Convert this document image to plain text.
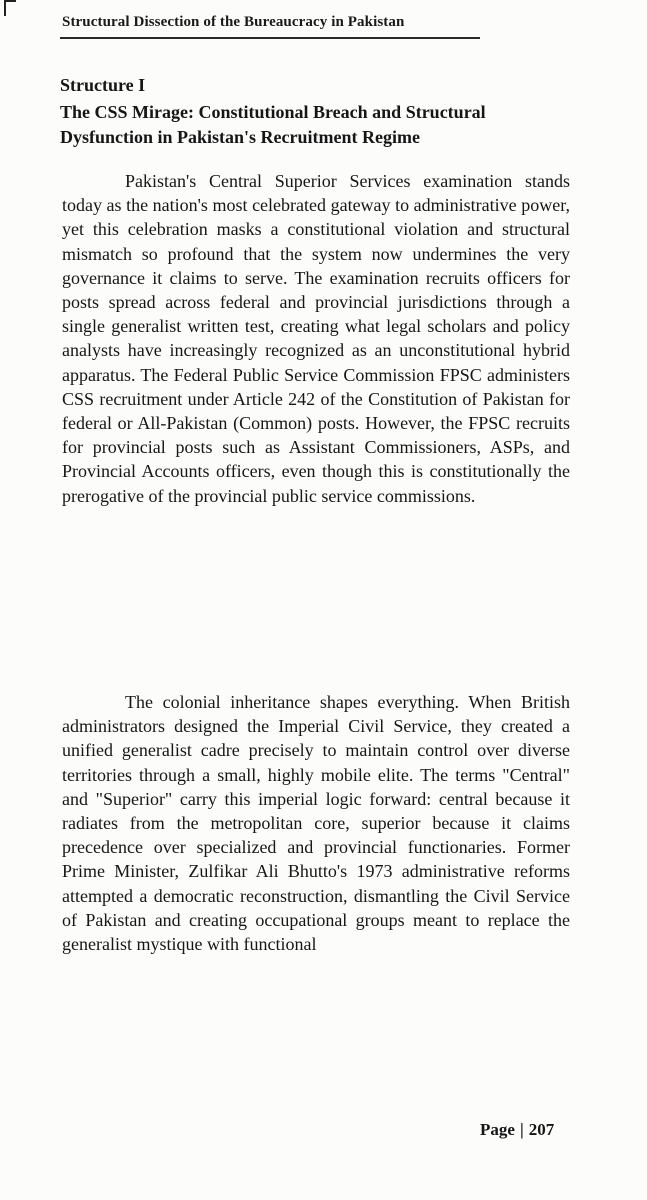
Structural Dissection of the Bureaucracy in Pakistan
Structure I
The CSS Mirage: Constitutional Breach and Structural Dysfunction in Pakistan's Recruitment Regime

Pakistan's Central Superior Services examination stands today as the nation's most celebrated gateway to administrative power, yet this celebration masks a constitutional violation and structural mismatch so profound that the system now undermines the very governance it claims to serve. The examination recruits officers for posts spread across federal and provincial jurisdictions through a single generalist written test, creating what legal scholars and policy analysts have increasingly recognized as an unconstitutional hybrid apparatus. The Federal Public Service Commission FPSC administers CSS recruitment under Article 242 of the Constitution of Pakistan for federal or All-Pakistan (Common) posts. However, the FPSC recruits for provincial posts such as Assistant Commissioners, ASPs, and Provincial Accounts officers, even though this is constitutionally the prerogative of the provincial public service commissions.

The colonial inheritance shapes everything. When British administrators designed the Imperial Civil Service, they created a unified generalist cadre precisely to maintain control over diverse territories through a small, highly mobile elite. The terms "Central" and "Superior" carry this imperial logic forward: central because it radiates from the metropolitan core, superior because it claims precedence over specialized and provincial functionaries. Former Prime Minister, Zulfikar Ali Bhutto's 1973 administrative reforms attempted a democratic reconstruction, dismantling the Civil Service of Pakistan and creating occupational groups meant to replace the generalist mystique with functional

Page | 207
